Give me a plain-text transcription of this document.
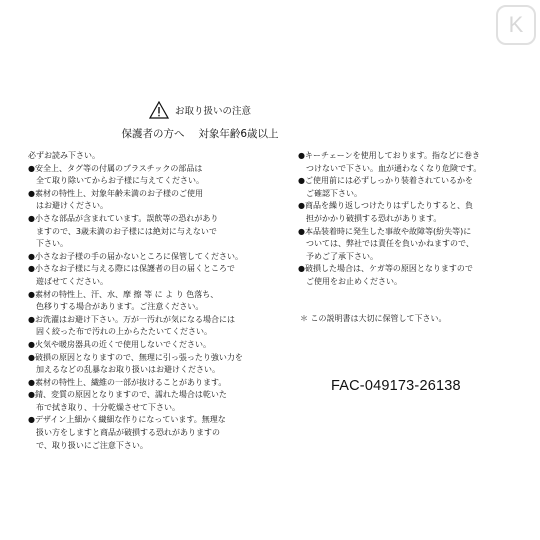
K
お取り扱いの注意
保護者の方へ　 対象年齢6歳以上
必ずお読み下さい。
●安全上、タグ等の付属のプラスチックの部品は
　全て取り除いてからお子様に与えてください。
●素材の特性上、対象年齢未満のお子様のご使用
　はお避けください。
●小さな部品が含まれています。誤飲等の恐れがあり
　ますので、3歳未満のお子様には絶対に与えないで
　下さい。
●小さなお子様の手の届かないところに保管してください。
●小さなお子様に与える際には保護者の目の届くところで
　遊ばせてください。
●素材の特性上、汗、水、摩 擦 等 に よ り 色落ち、
　色移りする場合があります。ご注意ください。
●お洗濯はお避け下さい。万が一汚れが気になる場合には
　固く絞った布で汚れの上からたたいてください。
●火気や暖房器具の近くで使用しないでください。
●破損の原因となりますので、無理に引っ張ったり強い力を
　加えるなどの乱暴なお取り扱いはお避けください。
●素材の特性上、繊維の一部が抜けることがあります。
●錆、変質の原因となりますので、濡れた場合は乾いた
　布で拭き取り、十分乾燥させて下さい。
●デザイン上細かく繊細な作りになっています。無理な
　扱い方をしますと商品が破損する恐れがありますの
　で、取り扱いにご注意下さい。
●キーチェーンを使用しております。指などに巻き
　つけないで下さい。血が通わなくなり危険です。
●ご使用前には必ずしっかり装着されているかを
　ご確認下さい。
●商品を繰り返しつけたりはずしたりすると、負
　担がかかり破損する恐れがあります。
●本品装着時に発生した事故や故障等(紛失等)に
　ついては、弊社では責任を負いかねますので、
　予めご了承下さい。
●破損した場合は、ケガ等の原因となりますので
　ご使用をお止めください。
＊ この説明書は大切に保管して下さい。
FAC-049173-26138
